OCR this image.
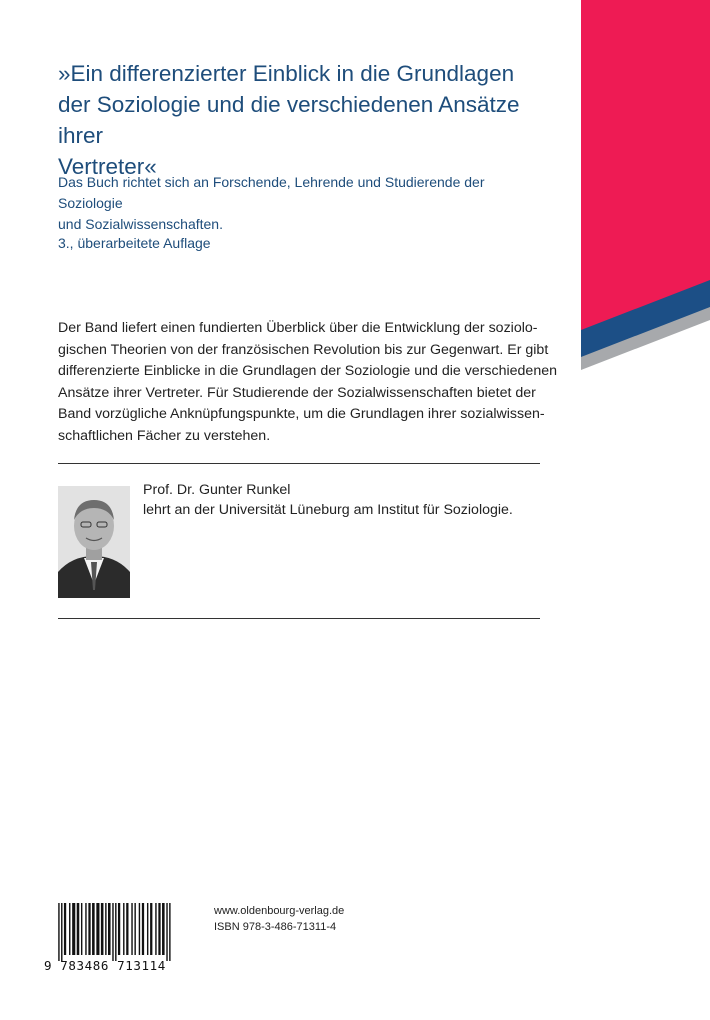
»Ein differenzierter Einblick in die Grundlagen
der Soziologie und die verschiedenen Ansätze ihrer
Vertreter«

Das Buch richtet sich an Forschende, Lehrende und Studierende der Soziologie
und Sozialwissenschaften.

3., überarbeitete Auflage

Der Band liefert einen fundierten Überblick über die Entwicklung der soziolo-
gischen Theorien von der französischen Revolution bis zur Gegenwart. Er gibt
differenzierte Einblicke in die Grundlagen der Soziologie und die verschiedenen
Ansätze ihrer Vertreter. Für Studierende der Sozialwissenschaften bietet der
Band vorzügliche Anknüpfungspunkte, um die Grundlagen ihrer sozialwissen-
schaftlichen Fächer zu verstehen.

Prof. Dr. Gunter Runkel

lehrt an der Universität Lüneburg am Institut für Soziologie.

9 783486 713114

www.oldenbourg-verlag.de

ISBN 978-3-486-71311-4
